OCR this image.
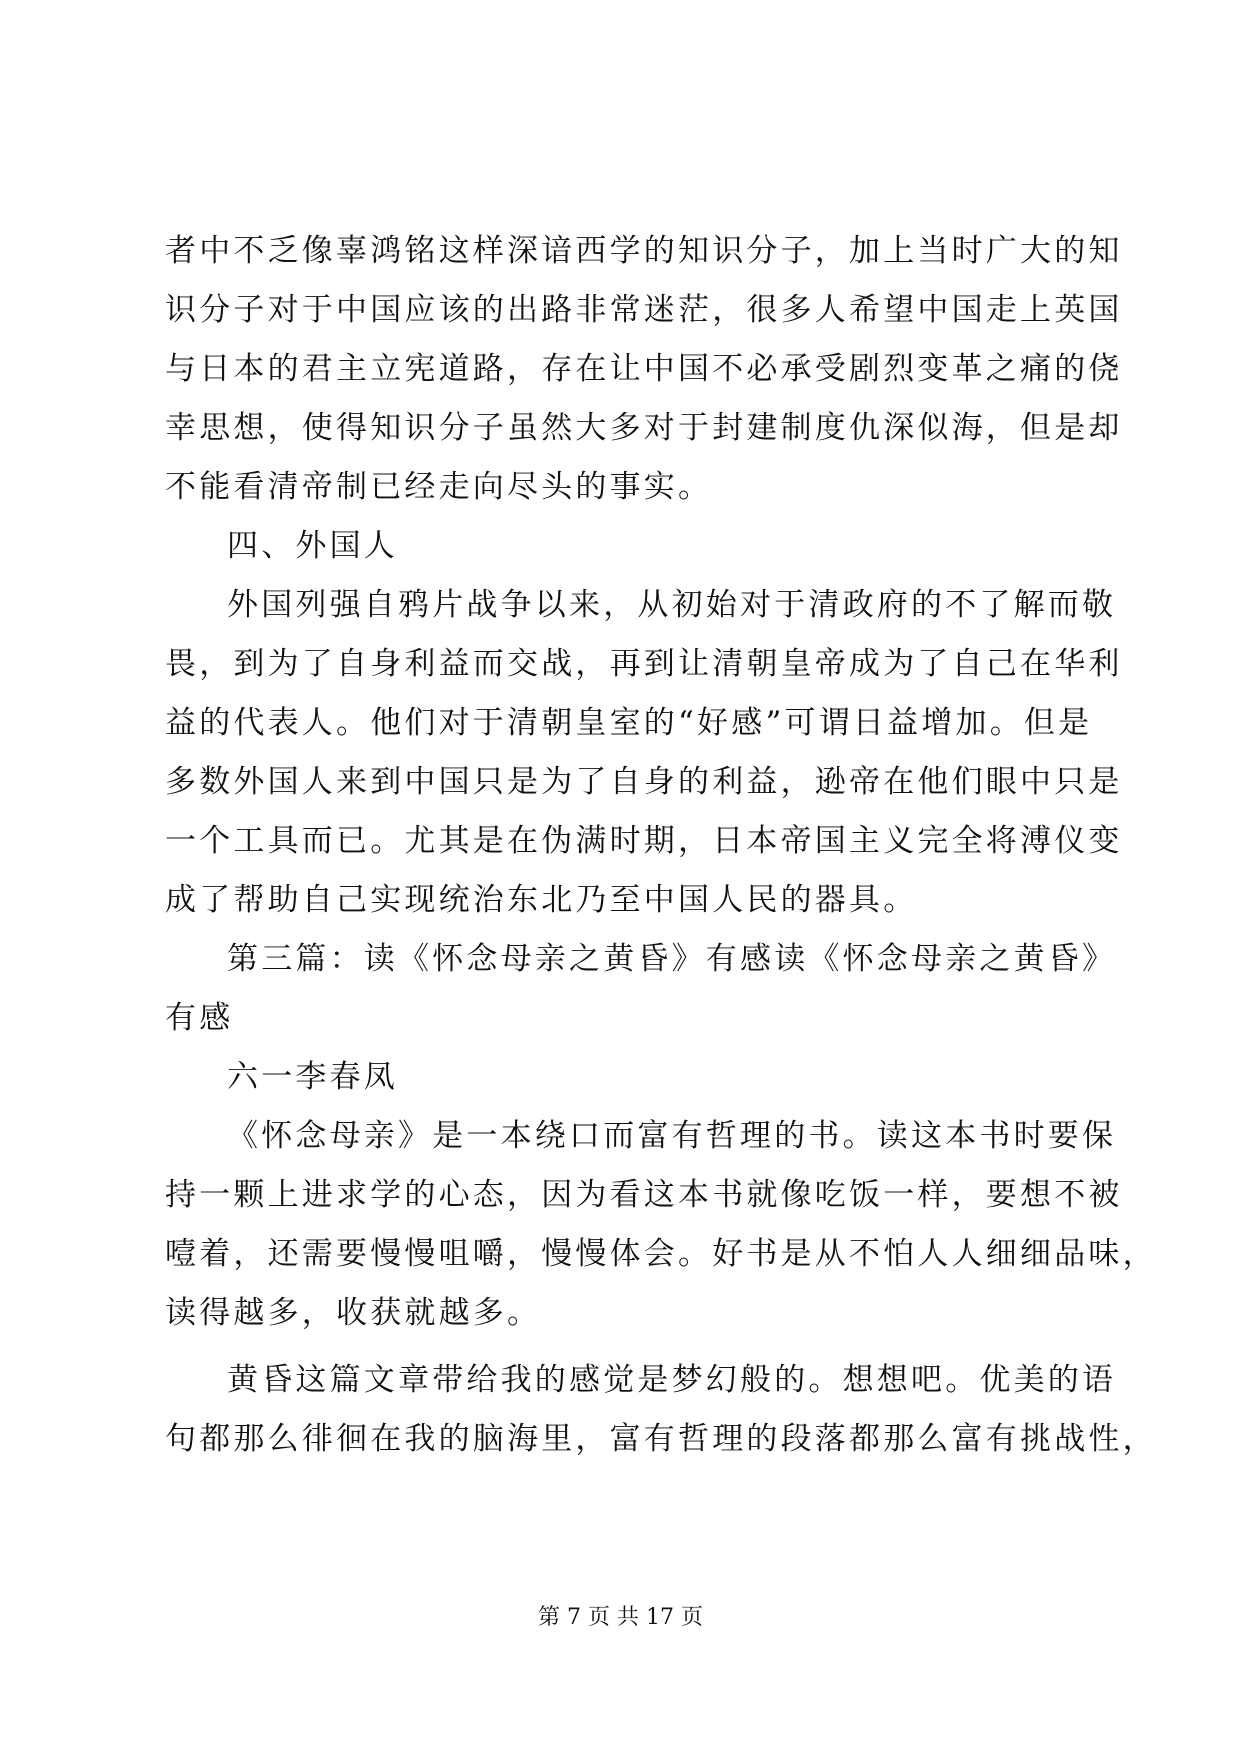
者中不乏像辜鸿铭这样深谙西学的知识分子，加上当时广大的知
识分子对于中国应该的出路非常迷茫，很多人希望中国走上英国
与日本的君主立宪道路，存在让中国不必承受剧烈变革之痛的侥
幸思想，使得知识分子虽然大多对于封建制度仇深似海，但是却
不能看清帝制已经走向尽头的事实。
四、外国人
外国列强自鸦片战争以来，从初始对于清政府的不了解而敬
畏，到为了自身利益而交战，再到让清朝皇帝成为了自己在华利
益的代表人。他们对于清朝皇室的“好感”可谓日益增加。但是
多数外国人来到中国只是为了自身的利益，逊帝在他们眼中只是
一个工具而已。尤其是在伪满时期，日本帝国主义完全将溥仪变
成了帮助自己实现统治东北乃至中国人民的器具。
第三篇：读《怀念母亲之黄昏》有感读《怀念母亲之黄昏》
有感
六一李春凤
《怀念母亲》是一本绕口而富有哲理的书。读这本书时要保
持一颗上进求学的心态，因为看这本书就像吃饭一样，要想不被
噎着，还需要慢慢咀嚼，慢慢体会。好书是从不怕人人细细品味，
读得越多，收获就越多。
黄昏这篇文章带给我的感觉是梦幻般的。想想吧。优美的语
句都那么徘徊在我的脑海里，富有哲理的段落都那么富有挑战性，
第 7 页 共 17 页
